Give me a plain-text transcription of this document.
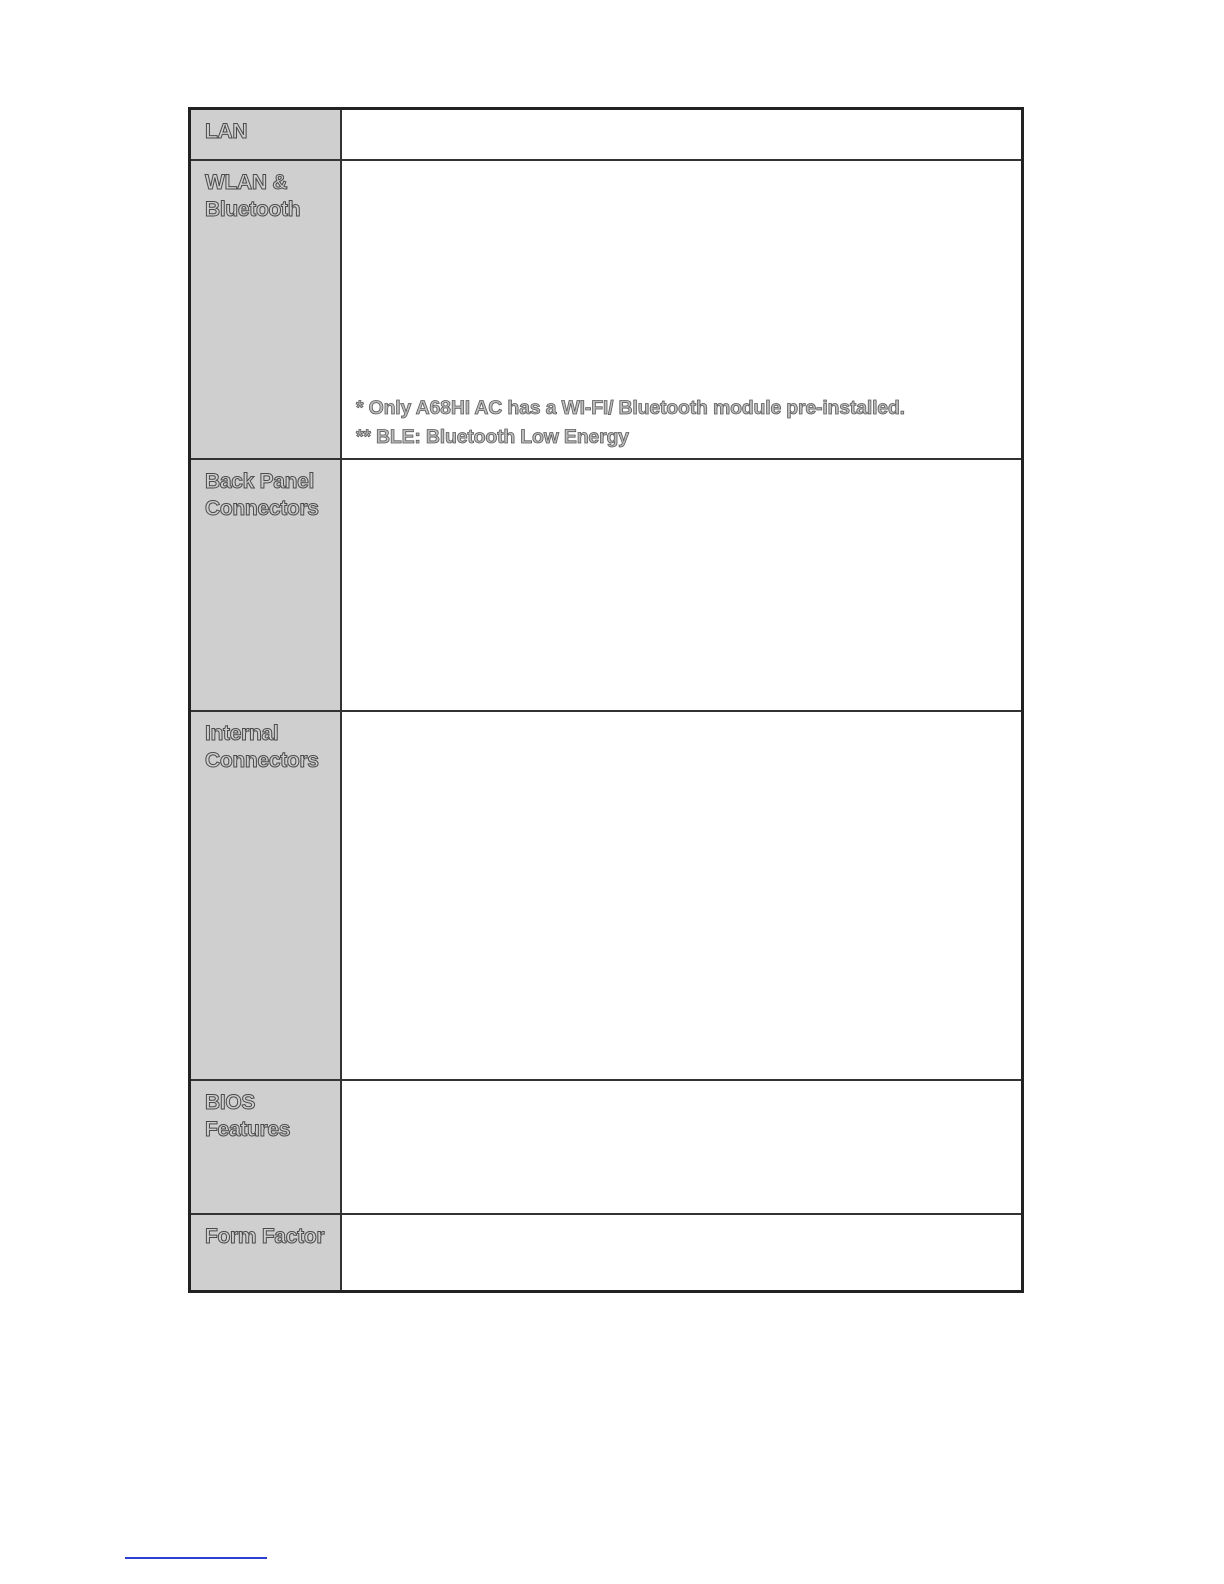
LAN
WLAN &
Bluetooth
* Only A68HI AC has a WI-FI/ Bluetooth module pre-installed.
** BLE: Bluetooth Low Energy
Back Panel
Connectors
Internal
Connectors
BIOS
Features
Form Factor
